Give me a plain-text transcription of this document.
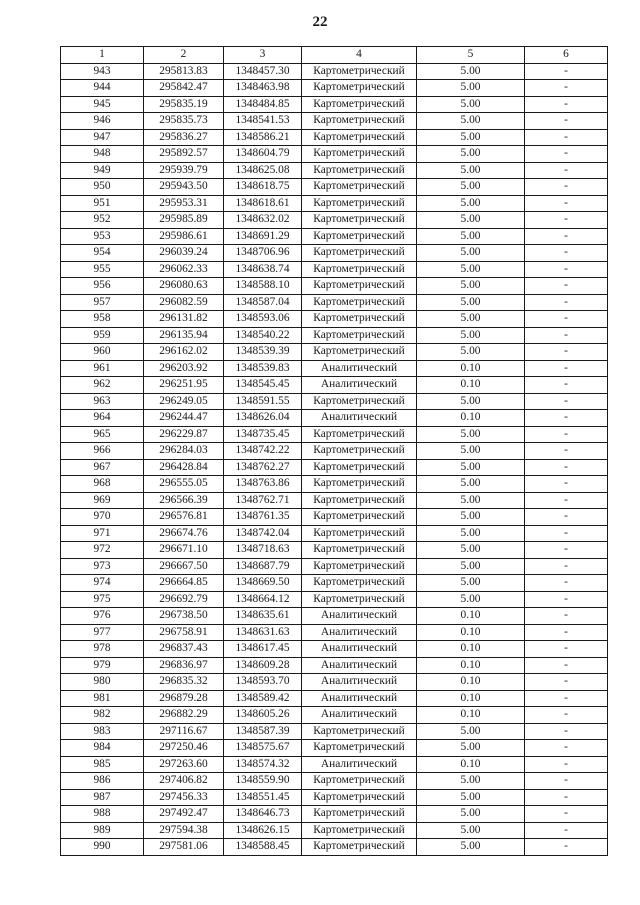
22
1	2	3	4	5	6
943	295813.83	1348457.30	Картометрический	5.00	-
944	295842.47	1348463.98	Картометрический	5.00	-
945	295835.19	1348484.85	Картометрический	5.00	-
946	295835.73	1348541.53	Картометрический	5.00	-
947	295836.27	1348586.21	Картометрический	5.00	-
948	295892.57	1348604.79	Картометрический	5.00	-
949	295939.79	1348625.08	Картометрический	5.00	-
950	295943.50	1348618.75	Картометрический	5.00	-
951	295953.31	1348618.61	Картометрический	5.00	-
952	295985.89	1348632.02	Картометрический	5.00	-
953	295986.61	1348691.29	Картометрический	5.00	-
954	296039.24	1348706.96	Картометрический	5.00	-
955	296062.33	1348638.74	Картометрический	5.00	-
956	296080.63	1348588.10	Картометрический	5.00	-
957	296082.59	1348587.04	Картометрический	5.00	-
958	296131.82	1348593.06	Картометрический	5.00	-
959	296135.94	1348540.22	Картометрический	5.00	-
960	296162.02	1348539.39	Картометрический	5.00	-
961	296203.92	1348539.83	Аналитический	0.10	-
962	296251.95	1348545.45	Аналитический	0.10	-
963	296249.05	1348591.55	Картометрический	5.00	-
964	296244.47	1348626.04	Аналитический	0.10	-
965	296229.87	1348735.45	Картометрический	5.00	-
966	296284.03	1348742.22	Картометрический	5.00	-
967	296428.84	1348762.27	Картометрический	5.00	-
968	296555.05	1348763.86	Картометрический	5.00	-
969	296566.39	1348762.71	Картометрический	5.00	-
970	296576.81	1348761.35	Картометрический	5.00	-
971	296674.76	1348742.04	Картометрический	5.00	-
972	296671.10	1348718.63	Картометрический	5.00	-
973	296667.50	1348687.79	Картометрический	5.00	-
974	296664.85	1348669.50	Картометрический	5.00	-
975	296692.79	1348664.12	Картометрический	5.00	-
976	296738.50	1348635.61	Аналитический	0.10	-
977	296758.91	1348631.63	Аналитический	0.10	-
978	296837.43	1348617.45	Аналитический	0.10	-
979	296836.97	1348609.28	Аналитический	0.10	-
980	296835.32	1348593.70	Аналитический	0.10	-
981	296879.28	1348589.42	Аналитический	0.10	-
982	296882.29	1348605.26	Аналитический	0.10	-
983	297116.67	1348587.39	Картометрический	5.00	-
984	297250.46	1348575.67	Картометрический	5.00	-
985	297263.60	1348574.32	Аналитический	0.10	-
986	297406.82	1348559.90	Картометрический	5.00	-
987	297456.33	1348551.45	Картометрический	5.00	-
988	297492.47	1348646.73	Картометрический	5.00	-
989	297594.38	1348626.15	Картометрический	5.00	-
990	297581.06	1348588.45	Картометрический	5.00	-
